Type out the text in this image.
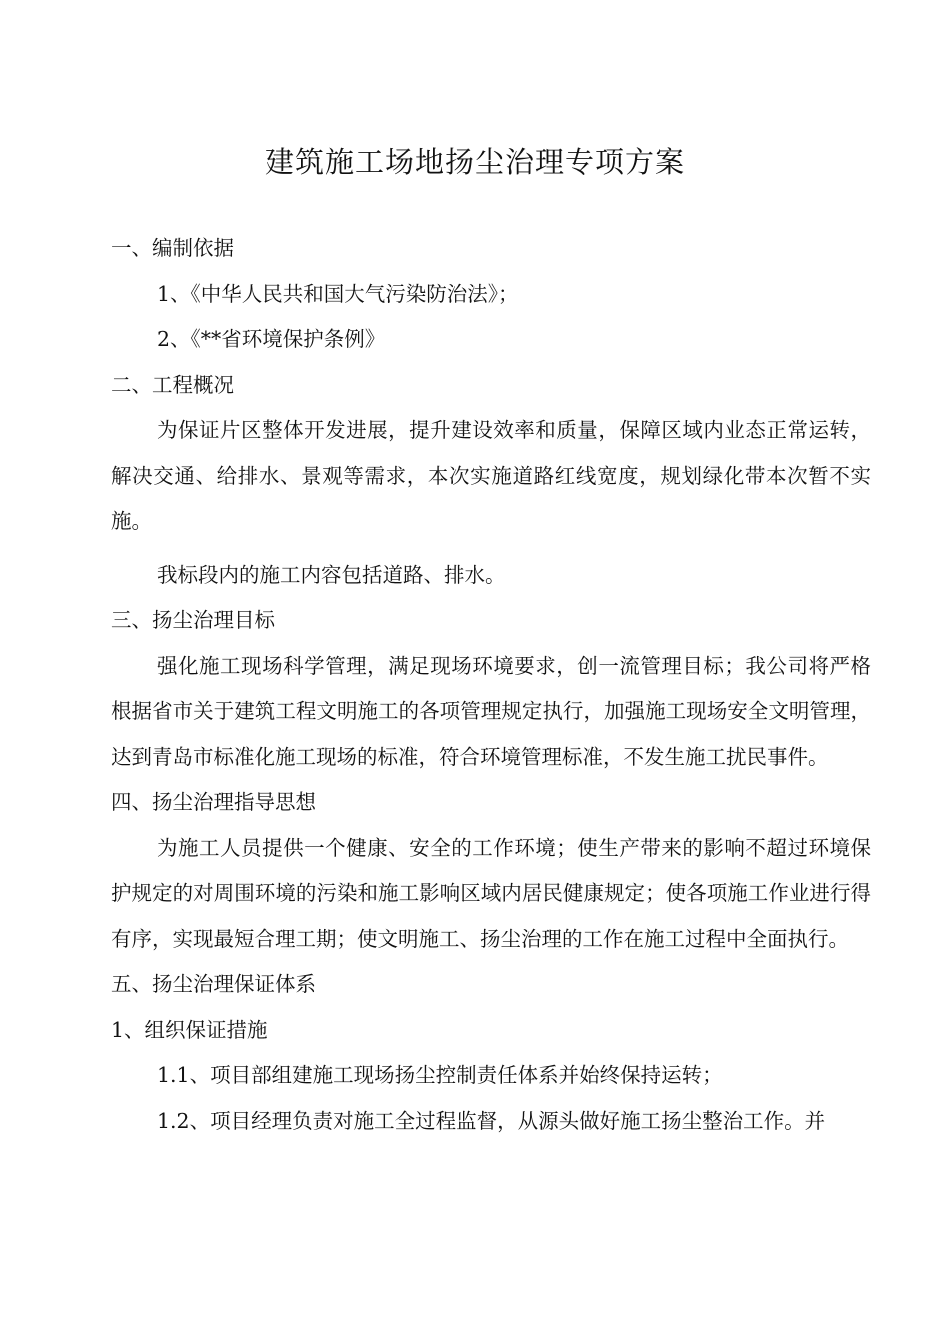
建筑施工场地扬尘治理专项方案

一、编制依据

1、《中华人民共和国大气污染防治法》；

2、《**省环境保护条例》

二、工程概况

为保证片区整体开发进展，提升建设效率和质量，保障区域内业态正常运转，解决交通、给排水、景观等需求，本次实施道路红线宽度，规划绿化带本次暂不实施。

我标段内的施工内容包括道路、排水。

三、扬尘治理目标

强化施工现场科学管理，满足现场环境要求，创一流管理目标；我公司将严格根据省市关于建筑工程文明施工的各项管理规定执行，加强施工现场安全文明管理，达到青岛市标准化施工现场的标准，符合环境管理标准，不发生施工扰民事件。

四、扬尘治理指导思想

为施工人员提供一个健康、安全的工作环境；使生产带来的影响不超过环境保护规定的对周围环境的污染和施工影响区域内居民健康规定；使各项施工作业进行得有序，实现最短合理工期；使文明施工、扬尘治理的工作在施工过程中全面执行。

五、扬尘治理保证体系

1、组织保证措施

1.1、项目部组建施工现场扬尘控制责任体系并始终保持运转；

1.2、项目经理负责对施工全过程监督，从源头做好施工扬尘整治工作。并
